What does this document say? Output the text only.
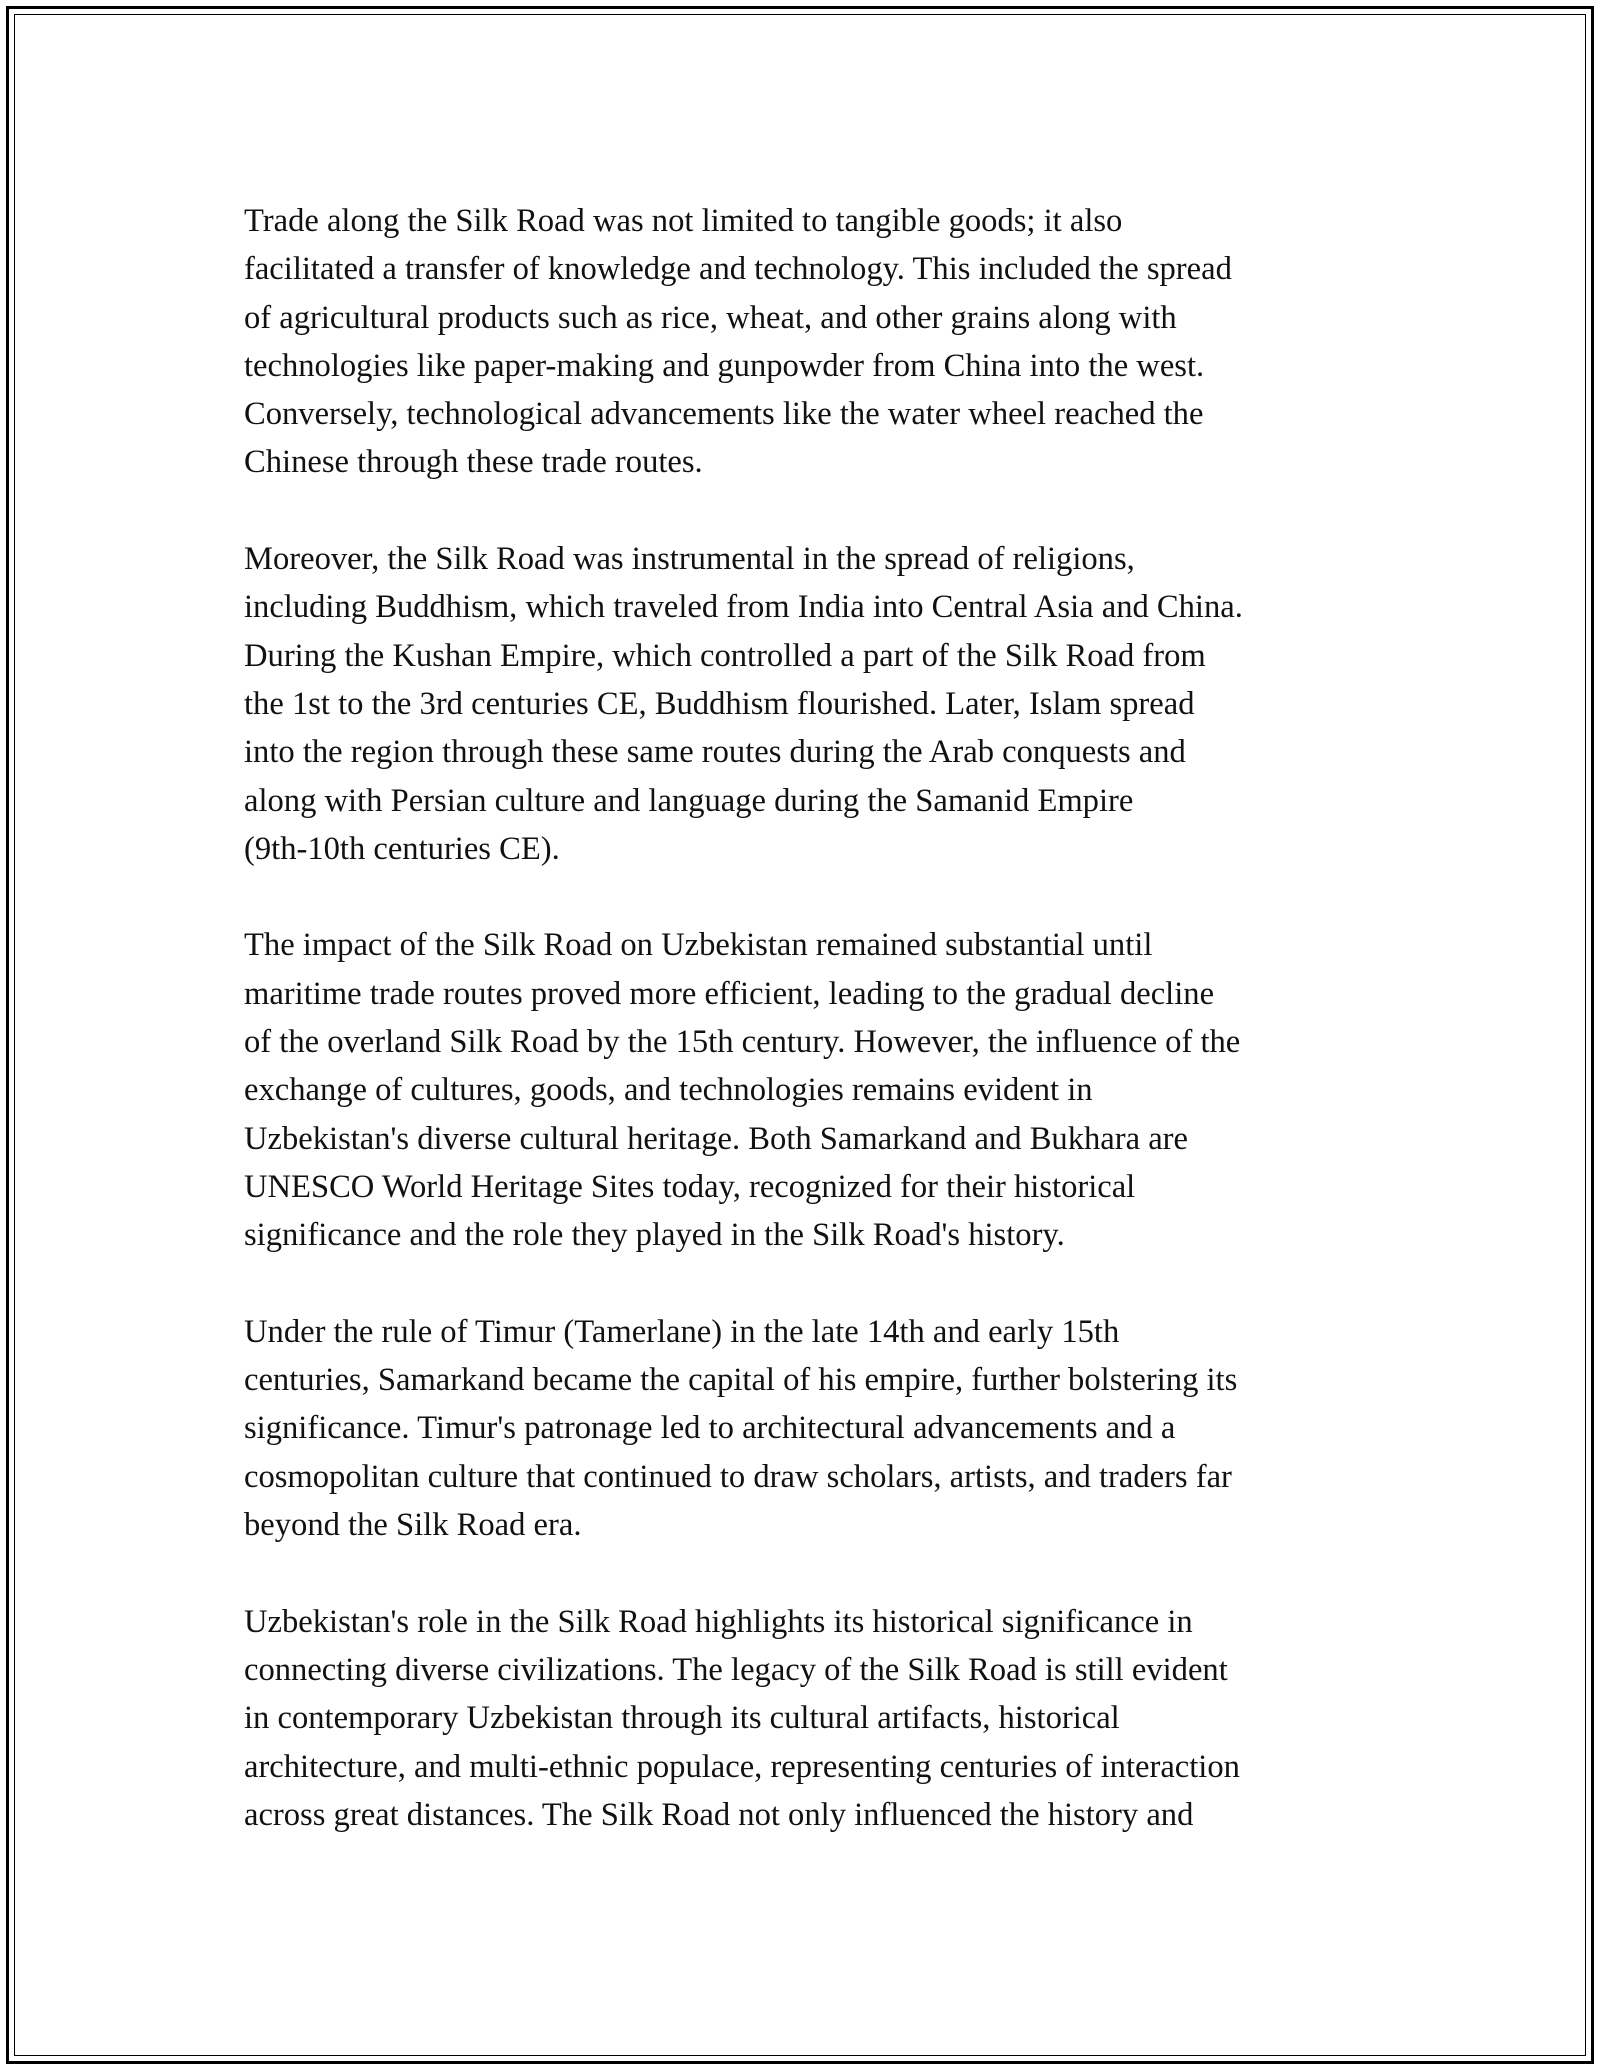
Trade along the Silk Road was not limited to tangible goods; it also
facilitated a transfer of knowledge and technology. This included the spread
of agricultural products such as rice, wheat, and other grains along with
technologies like paper-making and gunpowder from China into the west.
Conversely, technological advancements like the water wheel reached the
Chinese through these trade routes.

Moreover, the Silk Road was instrumental in the spread of religions,
including Buddhism, which traveled from India into Central Asia and China.
During the Kushan Empire, which controlled a part of the Silk Road from
the 1st to the 3rd centuries CE, Buddhism flourished. Later, Islam spread
into the region through these same routes during the Arab conquests and
along with Persian culture and language during the Samanid Empire
(9th-10th centuries CE).

The impact of the Silk Road on Uzbekistan remained substantial until
maritime trade routes proved more efficient, leading to the gradual decline
of the overland Silk Road by the 15th century. However, the influence of the
exchange of cultures, goods, and technologies remains evident in
Uzbekistan's diverse cultural heritage. Both Samarkand and Bukhara are
UNESCO World Heritage Sites today, recognized for their historical
significance and the role they played in the Silk Road's history.

Under the rule of Timur (Tamerlane) in the late 14th and early 15th
centuries, Samarkand became the capital of his empire, further bolstering its
significance. Timur's patronage led to architectural advancements and a
cosmopolitan culture that continued to draw scholars, artists, and traders far
beyond the Silk Road era.

Uzbekistan's role in the Silk Road highlights its historical significance in
connecting diverse civilizations. The legacy of the Silk Road is still evident
in contemporary Uzbekistan through its cultural artifacts, historical
architecture, and multi-ethnic populace, representing centuries of interaction
across great distances. The Silk Road not only influenced the history and
